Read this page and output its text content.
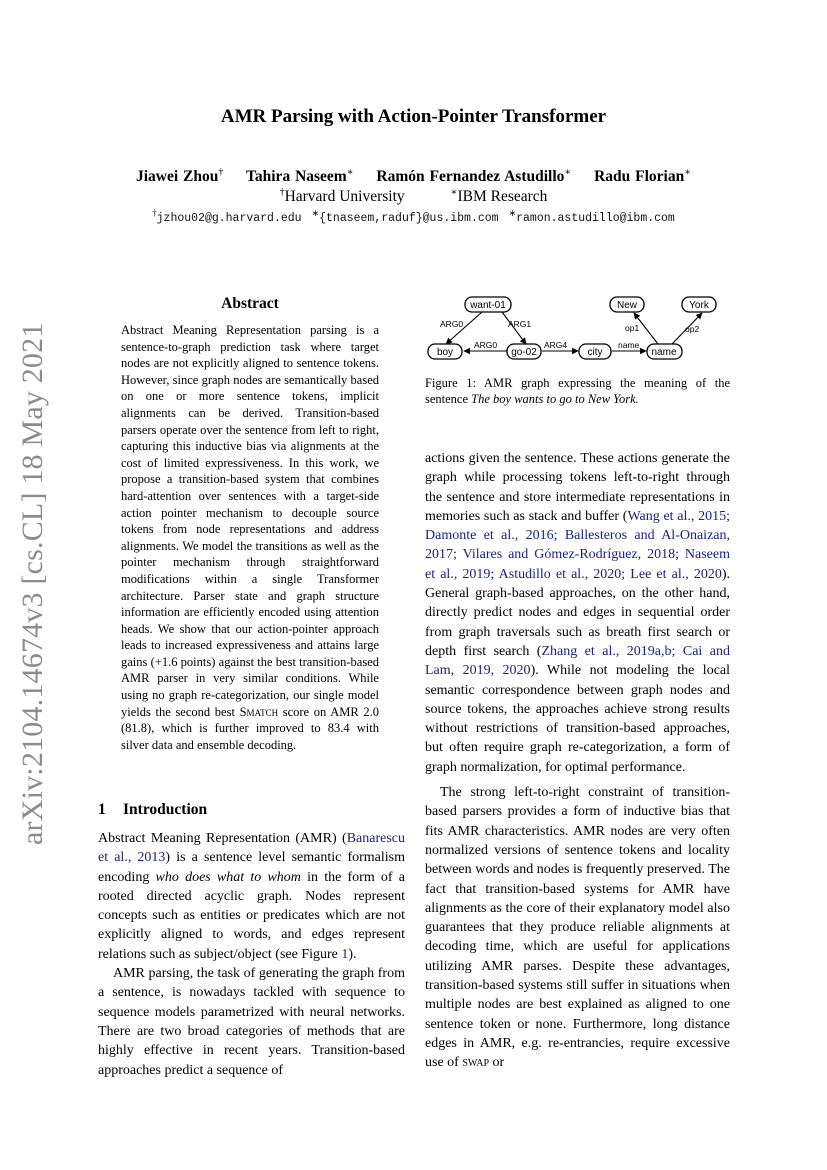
arXiv:2104.14674v3 [cs.CL] 18 May 2021
AMR Parsing with Action-Pointer Transformer
Jiawei Zhou† Tahira Naseem∗ Ramón Fernandez Astudillo∗ Radu Florian∗
†Harvard University	∗IBM Research
†jzhou02@g.harvard.edu ∗{tnaseem,raduf}@us.ibm.com ∗ramon.astudillo@ibm.com
Abstract
Abstract Meaning Representation parsing is a sentence-to-graph prediction task where target nodes are not explicitly aligned to sentence tokens. However, since graph nodes are semantically based on one or more sentence tokens, implicit alignments can be derived. Transition-based parsers operate over the sentence from left to right, capturing this inductive bias via alignments at the cost of limited expressiveness. In this work, we propose a transition-based system that combines hard-attention over sentences with a target-side action pointer mechanism to decouple source tokens from node representations and address alignments. We model the transitions as well as the pointer mechanism through straightforward modifications within a single Transformer architecture. Parser state and graph structure information are efficiently encoded using attention heads. We show that our action-pointer approach leads to increased expressiveness and attains large gains (+1.6 points) against the best transition-based AMR parser in very similar conditions. While using no graph re-categorization, our single model yields the second best Smatch score on AMR 2.0 (81.8), which is further improved to 83.4 with silver data and ensemble decoding.
1 Introduction

Abstract Meaning Representation (AMR) (Banarescu et al., 2013) is a sentence level semantic formalism encoding who does what to whom in the form of a rooted directed acyclic graph. Nodes represent concepts such as entities or predicates which are not explicitly aligned to words, and edges represent relations such as subject/object (see Figure 1).

AMR parsing, the task of generating the graph from a sentence, is nowadays tackled with sequence to sequence models parametrized with neural networks. There are two broad categories of methods that are highly effective in recent years. Transition-based approaches predict a sequence of

ARG0	ARG1
ARG0	ARG4	name
op1	op2
want-01
boy	go-02	city	name
New	York
Figure 1: AMR graph expressing the meaning of the sentence The boy wants to go to New York.

actions given the sentence. These actions generate the graph while processing tokens left-to-right through the sentence and store intermediate representations in memories such as stack and buffer (Wang et al., 2015; Damonte et al., 2016; Ballesteros and Al-Onaizan, 2017; Vilares and Gómez-Rodríguez, 2018; Naseem et al., 2019; Astudillo et al., 2020; Lee et al., 2020). General graph-based approaches, on the other hand, directly predict nodes and edges in sequential order from graph traversals such as breath first search or depth first search (Zhang et al., 2019a,b; Cai and Lam, 2019, 2020). While not modeling the local semantic correspondence between graph nodes and source tokens, the approaches achieve strong results without restrictions of transition-based approaches, but often require graph re-categorization, a form of graph normalization, for optimal performance.

The strong left-to-right constraint of transition-based parsers provides a form of inductive bias that fits AMR characteristics. AMR nodes are very often normalized versions of sentence tokens and locality between words and nodes is frequently preserved. The fact that transition-based systems for AMR have alignments as the core of their explanatory model also guarantees that they produce reliable alignments at decoding time, which are useful for applications utilizing AMR parses. Despite these advantages, transition-based systems still suffer in situations when multiple nodes are best explained as aligned to one sentence token or none. Furthermore, long distance edges in AMR, e.g. re-entrancies, require excessive use of swap or
